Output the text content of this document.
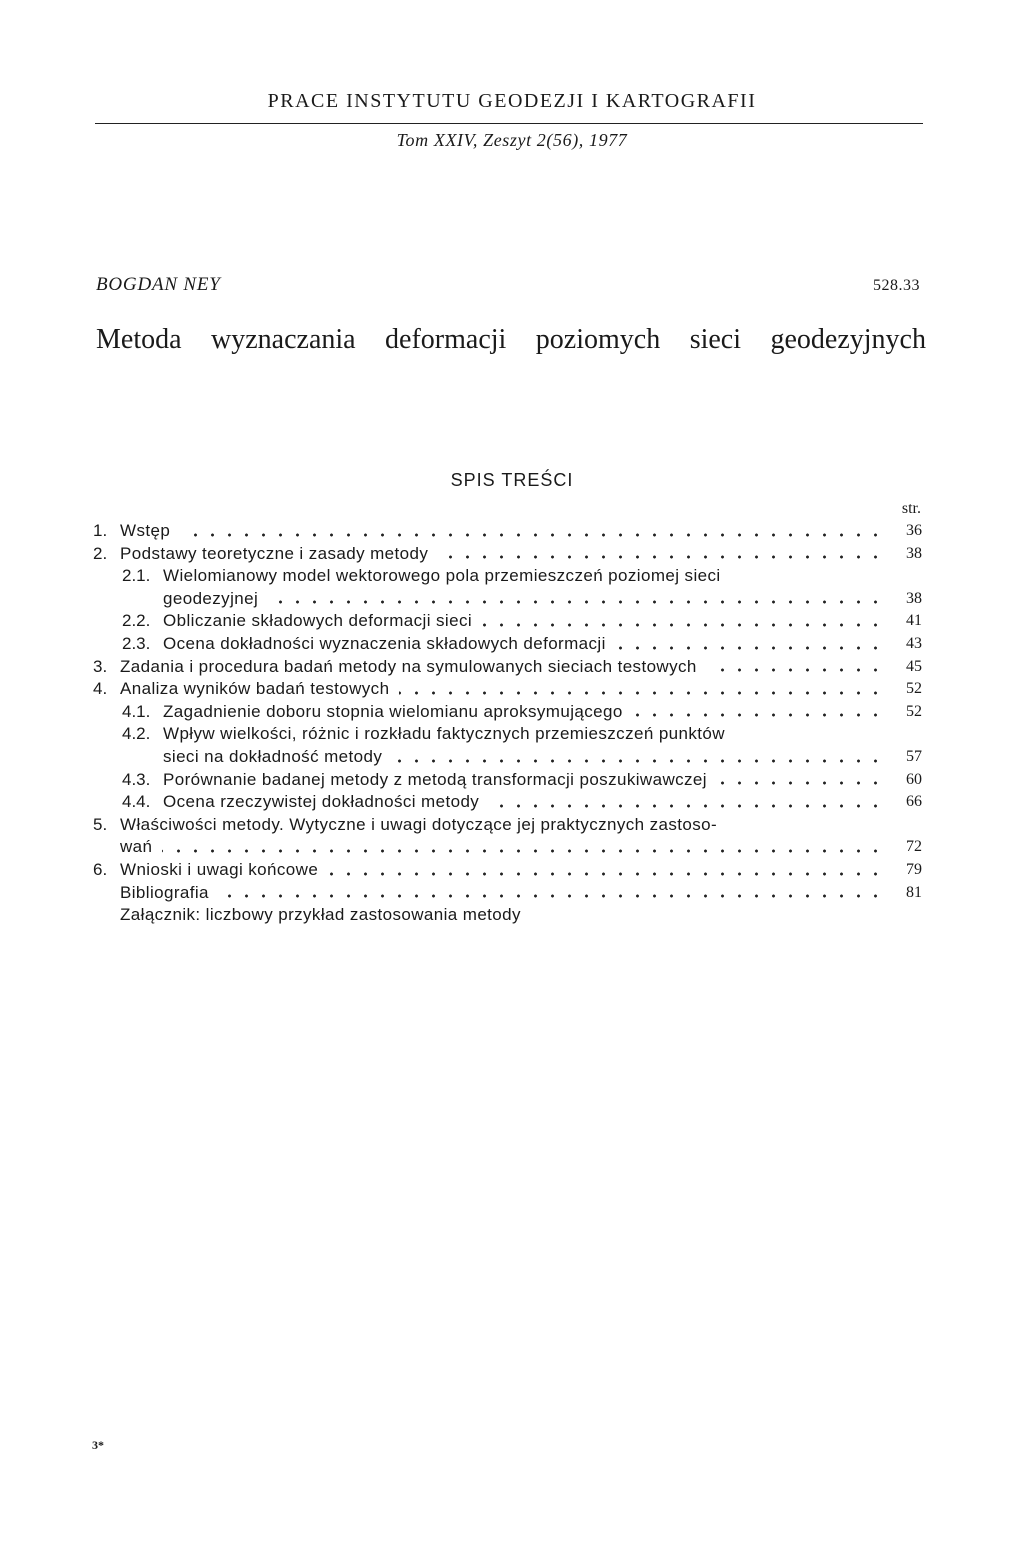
PRACE INSTYTUTU GEODEZJI I KARTOGRAFII
Tom XXIV, Zeszyt 2(56), 1977
BOGDAN NEY	528.33
Metoda wyznaczania deformacji poziomych sieci geodezyjnych
SPIS TREŚCI
str.
1. Wstęp	36
2. Podstawy teoretyczne i zasady metody	38
2.1. Wielomianowy model wektorowego pola przemieszczeń poziomej sieci
geodezyjnej	38
2.2. Obliczanie składowych deformacji sieci	41
2.3. Ocena dokładności wyznaczenia składowych deformacji	43
3. Zadania i procedura badań metody na symulowanych sieciach testowych	45
4. Analiza wyników badań testowych	52
4.1. Zagadnienie doboru stopnia wielomianu aproksymującego	52
4.2. Wpływ wielkości, różnic i rozkładu faktycznych przemieszczeń punktów
sieci na dokładność metody	57
4.3. Porównanie badanej metody z metodą transformacji poszukiwawczej	60
4.4. Ocena rzeczywistej dokładności metody	66
5. Właściwości metody. Wytyczne i uwagi dotyczące jej praktycznych zastoso-
wań	72
6. Wnioski i uwagi końcowe	79
Bibliografia	81
Załącznik: liczbowy przykład zastosowania metody
3*
